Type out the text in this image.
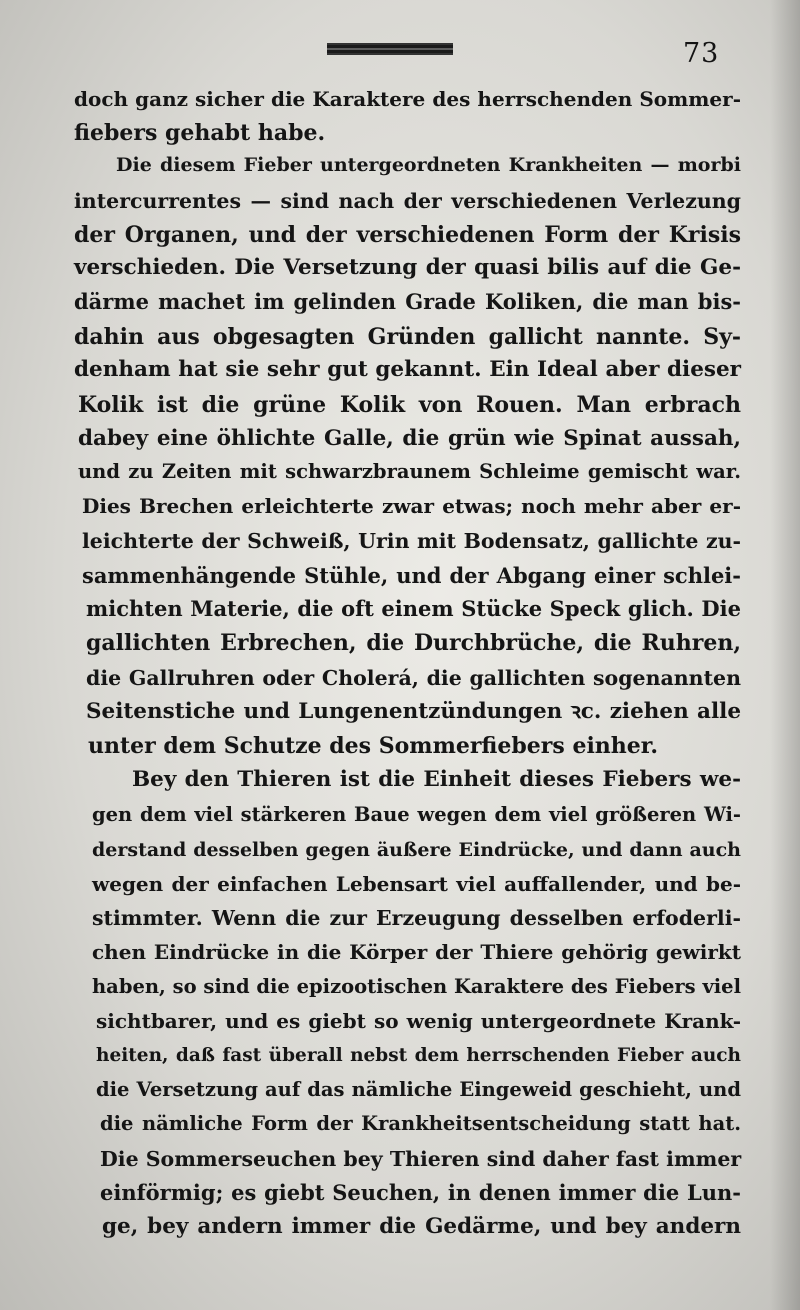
73
doch ganz sicher die Karaktere des herrschenden Sommer-
fiebers gehabt habe.
Die diesem Fieber untergeordneten Krankheiten — morbi
intercurrentes — sind nach der verschiedenen Verlezung
der Organen, und der verschiedenen Form der Krisis
verschieden. Die Versetzung der quasi bilis auf die Ge-
därme machet im gelinden Grade Koliken, die man bis-
dahin aus obgesagten Gründen gallicht nannte. Sy-
denham hat sie sehr gut gekannt. Ein Ideal aber dieser
Kolik ist die grüne Kolik von Rouen. Man erbrach
dabey eine öhlichte Galle, die grün wie Spinat aussah,
und zu Zeiten mit schwarzbraunem Schleime gemischt war.
Dies Brechen erleichterte zwar etwas; noch mehr aber er-
leichterte der Schweiß, Urin mit Bodensatz, gallichte zu-
sammenhängende Stühle, und der Abgang einer schlei-
michten Materie, die oft einem Stücke Speck glich. Die
gallichten Erbrechen, die Durchbrüche, die Ruhren,
die Gallruhren oder Cholerá, die gallichten sogenannten
Seitenstiche und Lungenentzündungen ꝛc. ziehen alle
unter dem Schutze des Sommerfiebers einher.
Bey den Thieren ist die Einheit dieses Fiebers we-
gen dem viel stärkeren Baue wegen dem viel größeren Wi-
derstand desselben gegen äußere Eindrücke, und dann auch
wegen der einfachen Lebensart viel auffallender, und be-
stimmter. Wenn die zur Erzeugung desselben erfoderli-
chen Eindrücke in die Körper der Thiere gehörig gewirkt
haben, so sind die epizootischen Karaktere des Fiebers viel
sichtbarer, und es giebt so wenig untergeordnete Krank-
heiten, daß fast überall nebst dem herrschenden Fieber auch
die Versetzung auf das nämliche Eingeweid geschieht, und
die nämliche Form der Krankheitsentscheidung statt hat.
Die Sommerseuchen bey Thieren sind daher fast immer
einförmig; es giebt Seuchen, in denen immer die Lun-
ge, bey andern immer die Gedärme, und bey andern
